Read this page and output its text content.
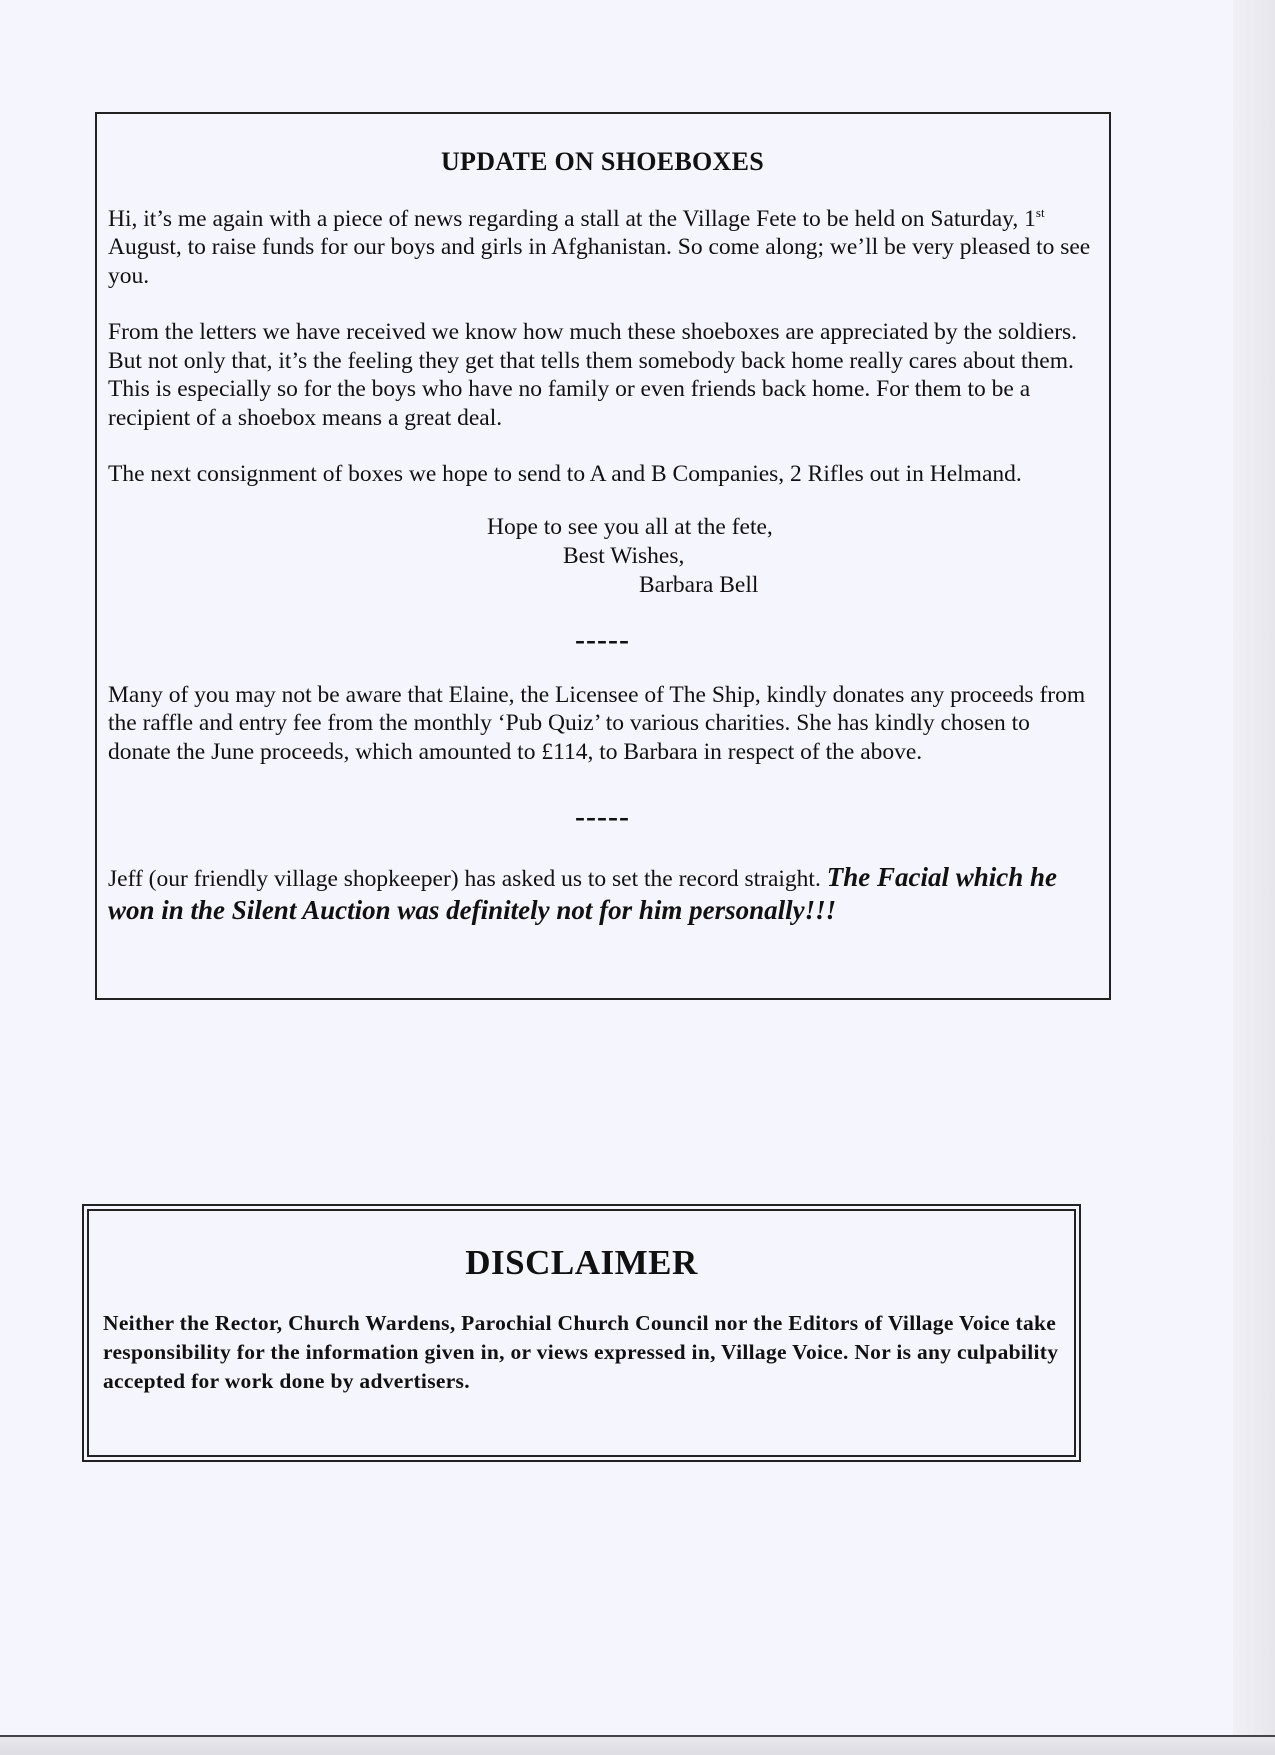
UPDATE ON SHOEBOXES

Hi, it’s me again with a piece of news regarding a stall at the Village Fete to be held on Saturday, 1st August, to raise funds for our boys and girls in Afghanistan. So come along; we’ll be very pleased to see you.

From the letters we have received we know how much these shoeboxes are appreciated by the soldiers. But not only that, it’s the feeling they get that tells them somebody back home really cares about them. This is especially so for the boys who have no family or even friends back home. For them to be a recipient of a shoebox means a great deal.

The next consignment of boxes we hope to send to A and B Companies, 2 Rifles out in Helmand.

Hope to see you all at the fete,
Best Wishes,
Barbara Bell
-----

Many of you may not be aware that Elaine, the Licensee of The Ship, kindly donates any proceeds from the raffle and entry fee from the monthly ‘Pub Quiz’ to various charities. She has kindly chosen to donate the June proceeds, which amounted to £114, to Barbara in respect of the above.

-----

Jeff (our friendly village shopkeeper) has asked us to set the record straight. The Facial which he won in the Silent Auction was definitely not for him personally!!!

DISCLAIMER

Neither the Rector, Church Wardens, Parochial Church Council nor the Editors of Village Voice take responsibility for the information given in, or views expressed in, Village Voice. Nor is any culpability accepted for work done by advertisers.
